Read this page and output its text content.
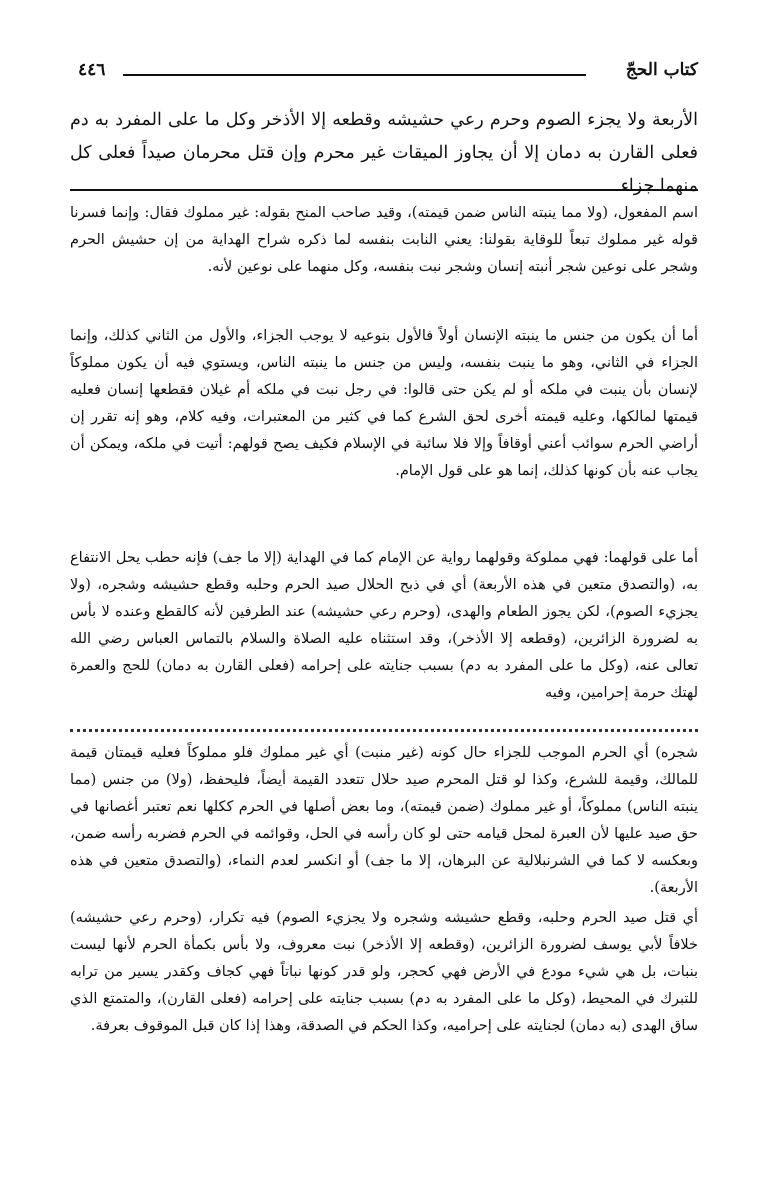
كتاب الحجّ
٤٤٦

الأربعة ولا يجزء الصوم وحرم رعي حشيشه وقطعه إلا الأذخر وكل ما على المفرد به دم فعلى القارن به دمان إلا أن يجاوز الميقات غير محرم وإن قتل محرمان صيداً فعلى كل منهما جزاء

اسم المفعول، (ولا مما ينبته الناس ضمن قيمته)، وقيد صاحب المنح بقوله: غير مملوك فقال: وإنما فسرنا قوله غير مملوك تبعاً للوقاية بقولنا: يعني النابت بنفسه لما ذكره شراح الهداية من إن حشيش الحرم وشجر على نوعين شجر أنبته إنسان وشجر نبت بنفسه، وكل منهما على نوعين لأنه.

أما أن يكون من جنس ما ينبته الإنسان أولاً فالأول بنوعيه لا يوجب الجزاء، والأول من الثاني كذلك، وإنما الجزاء في الثاني، وهو ما ينبت بنفسه، وليس من جنس ما ينبته الناس، ويستوي فيه أن يكون مملوكاً لإنسان بأن ينبت في ملكه أو لم يكن حتى قالوا: في رجل نبت في ملكه أم غيلان فقطعها إنسان فعليه قيمتها لمالكها، وعليه قيمته أخرى لحق الشرع كما في كثير من المعتبرات، وفيه كلام، وهو إنه تقرر إن أراضي الحرم سوائب أعني أوقافاً وإلا فلا سائبة في الإسلام فكيف يصح قولهم: أتيت في ملكه، ويمكن أن يجاب عنه بأن كونها كذلك، إنما هو على قول الإمام.

أما على قولهما: فهي مملوكة وقولهما رواية عن الإمام كما في الهداية (إلا ما جف) فإنه حطب يحل الانتفاع به، (والتصدق متعين في هذه الأربعة) أي في ذبح الحلال صيد الحرم وحلبه وقطع حشيشه وشجره، (ولا يجزيء الصوم)، لكن يجوز الطعام والهدى، (وحرم رعي حشيشه) عند الطرفين لأنه كالقطع وعنده لا بأس به لضرورة الزائرين، (وقطعه إلا الأذخر)، وقد استثناه عليه الصلاة والسلام بالتماس العباس رضي الله تعالى عنه، (وكل ما على المفرد به دم) بسبب جنايته على إحرامه (فعلى القارن به دمان) للحج والعمرة لهتك حرمة إحرامين، وفيه

شجره) أي الحرم الموجب للجزاء حال كونه (غير منبت) أي غير مملوك فلو مملوكاً فعليه قيمتان قيمة للمالك، وقيمة للشرع، وكذا لو قتل المحرم صيد حلال تتعدد القيمة أيضاً، فليحفظ، (ولا) من جنس (مما ينبته الناس) مملوكاً، أو غير مملوك (ضمن قيمته)، وما بعض أصلها في الحرم ككلها نعم تعتبر أغصانها في حق صيد عليها لأن العبرة لمحل قيامه حتى لو كان رأسه في الحل، وقوائمه في الحرم فضربه رأسه ضمن، وبعكسه لا كما في الشرنبلالية عن البرهان، إلا ما جف) أو انكسر لعدم النماء، (والتصدق متعين في هذه الأربعة).

أي قتل صيد الحرم وحلبه، وقطع حشيشه وشجره ولا يجزيء الصوم) فيه تكرار، (وحرم رعي حشيشه) خلافاً لأبي يوسف لضرورة الزائرين، (وقطعه إلا الأذخر) نبت معروف، ولا بأس بكمأة الحرم لأنها ليست بنبات، بل هي شيء مودع في الأرض فهي كحجر، ولو قدر كونها نباتاً فهي كجاف وكقدر يسير من ترابه للتبرك في المحيط، (وكل ما على المفرد به دم) بسبب جنايته على إحرامه (فعلى القارن)، والمتمتع الذي ساق الهدى (به دمان) لجنايته على إحراميه، وكذا الحكم في الصدقة، وهذا إذا كان قبل الموقوف بعرفة.
